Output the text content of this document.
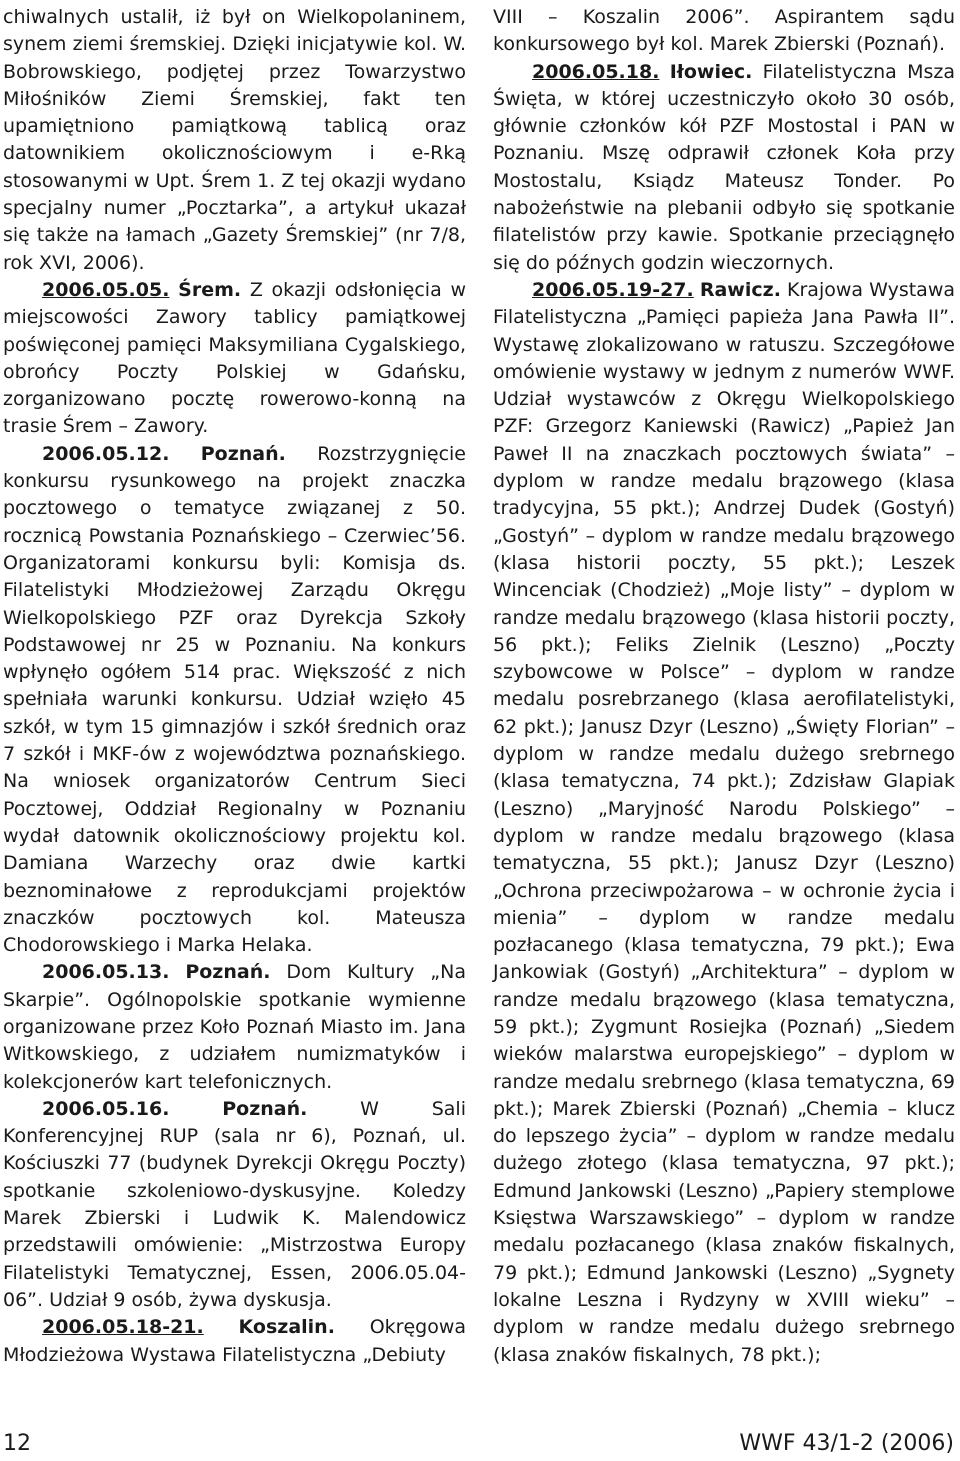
chiwalnych ustalił, iż był on Wielkopolaninem, synem ziemi śremskiej. Dzięki inicjatywie kol. W. Bobrowskiego, podjętej przez Towarzystwo Miłośników Ziemi Śremskiej, fakt ten upamiętniono pamiątkową tablicą oraz datownikiem okolicznościowym i e-Rką stosowanymi w Upt. Śrem 1. Z tej okazji wydano specjalny numer „Pocztarka”, a artykuł ukazał się także na łamach „Gazety Śremskiej” (nr 7/8, rok XVI, 2006).

2006.05.05. Śrem. Z okazji odsłonięcia w miejscowości Zawory tablicy pamiątkowej poświęconej pamięci Maksymiliana Cygalskiego, obrońcy Poczty Polskiej w Gdańsku, zorganizowano pocztę rowerowo-konną na trasie Śrem – Zawory.

2006.05.12. Poznań. Rozstrzygnięcie konkursu rysunkowego na projekt znaczka pocztowego o tematyce związanej z 50. rocznicą Powstania Poznańskiego – Czerwiec’56. Organizatorami konkursu byli: Komisja ds. Filatelistyki Młodzieżowej Zarządu Okręgu Wielkopolskiego PZF oraz Dyrekcja Szkoły Podstawowej nr 25 w Poznaniu. Na konkurs wpłynęło ogółem 514 prac. Większość z nich spełniała warunki konkursu. Udział wzięło 45 szkół, w tym 15 gimnazjów i szkół średnich oraz 7 szkół i MKF-ów z województwa poznańskiego. Na wniosek organizatorów Centrum Sieci Pocztowej, Oddział Regionalny w Poznaniu wydał datownik okolicznościowy projektu kol. Damiana Warzechy oraz dwie kartki beznominałowe z reprodukcjami projektów znaczków pocztowych kol. Mateusza Chodorowskiego i Marka Helaka.

2006.05.13. Poznań. Dom Kultury „Na Skarpie”. Ogólnopolskie spotkanie wymienne organizowane przez Koło Poznań Miasto im. Jana Witkowskiego, z udziałem numizmatyków i kolekcjonerów kart telefonicznych.

2006.05.16.	Poznań.	W Sali Konferencyjnej RUP (sala nr 6), Poznań, ul. Kościuszki 77 (budynek Dyrekcji Okręgu Poczty) spotkanie szkoleniowo-dyskusyjne. Koledzy Marek Zbierski i Ludwik K. Malendowicz przedstawili omówienie: „Mistrzostwa Europy Filatelistyki Tematycznej, Essen, 2006.05.04-06”. Udział 9 osób, żywa dyskusja.

2006.05.18-21. Koszalin. Okręgowa Młodzieżowa Wystawa Filatelistyczna „Debiuty

VIII – Koszalin 2006”. Aspirantem sądu konkursowego był kol. Marek Zbierski (Poznań).

2006.05.18. Iłowiec. Filatelistyczna Msza Święta, w której uczestniczyło około 30 osób, głównie członków kół PZF Mostostal i PAN w Poznaniu. Mszę odprawił członek Koła przy Mostostalu, Ksiądz Mateusz Tonder. Po nabożeństwie na plebanii odbyło się spotkanie filatelistów przy kawie. Spotkanie przeciągnęło się do późnych godzin wieczornych.

2006.05.19-27. Rawicz. Krajowa Wystawa Filatelistyczna „Pamięci papieża Jana Pawła II”. Wystawę zlokalizowano w ratuszu. Szczegółowe omówienie wystawy w jednym z numerów WWF. Udział wystawców z Okręgu Wielkopolskiego PZF: Grzegorz Kaniewski (Rawicz) „Papież Jan Paweł II na znaczkach pocztowych świata” – dyplom w randze medalu brązowego (klasa tradycyjna, 55 pkt.); Andrzej Dudek (Gostyń) „Gostyń” – dyplom w randze medalu brązowego (klasa historii poczty, 55 pkt.); Leszek Wincenciak (Chodzież) „Moje listy” – dyplom w randze medalu brązowego (klasa historii poczty, 56 pkt.); Feliks Zielnik (Leszno) „Poczty szybowcowe w Polsce” – dyplom w randze medalu posrebrzanego (klasa aerofilatelistyki, 62 pkt.); Janusz Dzyr (Leszno) „Święty Florian” – dyplom w randze medalu dużego srebrnego (klasa tematyczna, 74 pkt.); Zdzisław Glapiak (Leszno) „Maryjność Narodu Polskiego” – dyplom w randze medalu brązowego (klasa tematyczna, 55 pkt.); Janusz Dzyr (Leszno) „Ochrona przeciwpożarowa – w ochronie życia i mienia” – dyplom w randze medalu pozłacanego (klasa tematyczna, 79 pkt.); Ewa Jankowiak (Gostyń) „Architektura” – dyplom w randze medalu brązowego (klasa tematyczna, 59 pkt.); Zygmunt Rosiejka (Poznań) „Siedem wieków malarstwa europejskiego” – dyplom w randze medalu srebrnego (klasa tematyczna, 69 pkt.); Marek Zbierski (Poznań) „Chemia – klucz do lepszego życia” – dyplom w randze medalu dużego złotego (klasa tematyczna, 97 pkt.); Edmund Jankowski (Leszno) „Papiery stemplowe Księstwa Warszawskiego” – dyplom w randze medalu pozłacanego (klasa znaków fiskalnych, 79 pkt.); Edmund Jankowski (Leszno) „Sygnety lokalne Leszna i Rydzyny w XVIII wieku” – dyplom w randze medalu dużego srebrnego (klasa znaków fiskalnych, 78 pkt.);

12	WWF 43/1-2 (2006)
